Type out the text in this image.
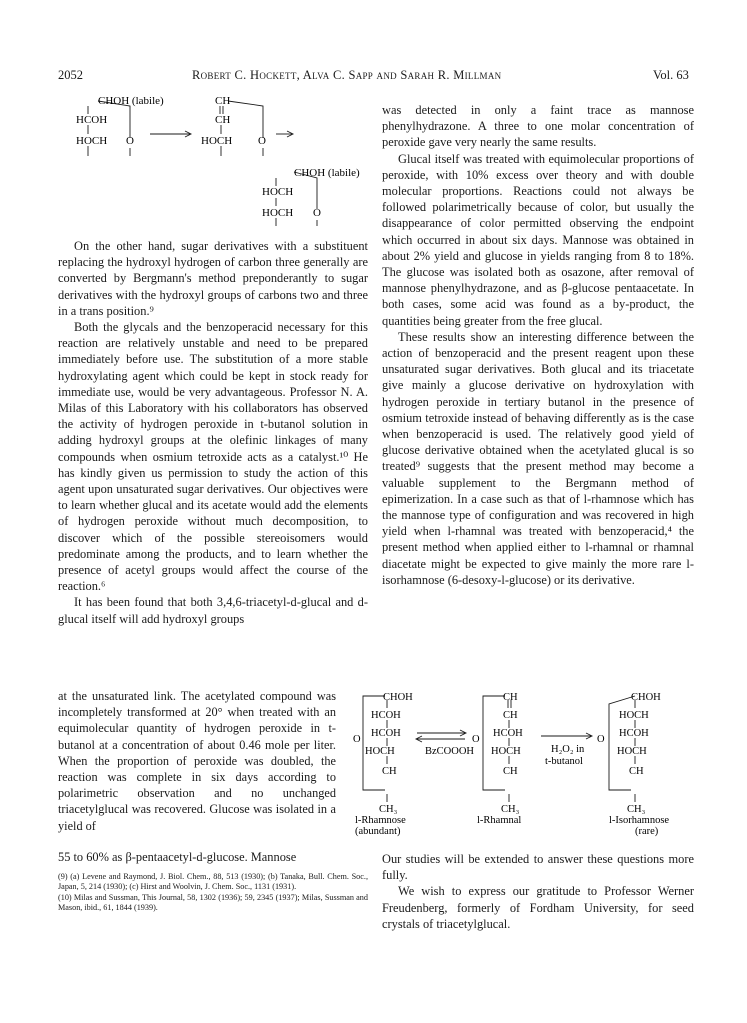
2052	Robert C. Hockett, Alva C. Sapp and Sarah R. Millman	Vol. 63
CHOH (labile)
HCOH
HOCH O
CH
CH
HOCH O
CHOH (labile)
HOCH
HOCH O

On the other hand, sugar derivatives with a substituent replacing the hydroxyl hydrogen of carbon three generally are converted by Bergmann's method preponderantly to sugar derivatives with the hydroxyl groups of carbons two and three in a trans position.⁹

Both the glycals and the benzoperacid necessary for this reaction are relatively unstable and need to be prepared immediately before use. The substitution of a more stable hydroxylating agent which could be kept in stock ready for immediate use, would be very advantageous. Professor N. A. Milas of this Laboratory with his collaborators has observed the activity of hydrogen peroxide in t-butanol solution in adding hydroxyl groups at the olefinic linkages of many compounds when osmium tetroxide acts as a catalyst.¹⁰ He has kindly given us permission to study the action of this agent upon unsaturated sugar derivatives. Our objectives were to learn whether glucal and its acetate would add the elements of hydrogen peroxide without much decomposition, to discover which of the possible stereoisomers would predominate among the products, and to learn whether the presence of acetyl groups would affect the course of the reaction.⁶

It has been found that both 3,4,6-triacetyl-d-glucal and d-glucal itself will add hydroxyl groups

at the unsaturated link. The acetylated compound was incompletely transformed at 20° when treated with an equimolecular quantity of hydrogen peroxide in t-butanol at a concentration of about 0.46 mole per liter. When the proportion of peroxide was doubled, the reaction was complete in six days according to polarimetric observation and no unchanged triacetylglucal was recovered. Glucose was isolated in a yield of

55 to 60% as β-pentaacetyl-d-glucose. Mannose

(9) (a) Levene and Raymond, J. Biol. Chem., 88, 513 (1930); (b) Tanaka, Bull. Chem. Soc., Japan, 5, 214 (1930); (c) Hirst and Woolvin, J. Chem. Soc., 1131 (1931).

(10) Milas and Sussman, This Journal, 58, 1302 (1936); 59, 2345 (1937); Milas, Sussman and Mason, ibid., 61, 1844 (1939).

was detected in only a faint trace as mannose phenylhydrazone. A three to one molar concentration of peroxide gave very nearly the same results.

Glucal itself was treated with equimolecular proportions of peroxide, with 10% excess over theory and with double molecular proportions. Reactions could not always be followed polarimetrically because of color, but usually the disappearance of color permitted observing the endpoint which occurred in about six days. Mannose was obtained in about 2% yield and glucose in yields ranging from 8 to 18%. The glucose was isolated both as osazone, after removal of mannose phenylhydrazone, and as β-glucose pentaacetate. In both cases, some acid was found as a by-product, the quantities being greater from the free glucal.

These results show an interesting difference between the action of benzoperacid and the present reagent upon these unsaturated sugar derivatives. Both glucal and its triacetate give mainly a glucose derivative on hydroxylation with hydrogen peroxide in tertiary butanol in the presence of osmium tetroxide instead of behaving differently as is the case when benzoperacid is used. The relatively good yield of glucose derivative obtained when the acetylated glucal is so treated⁹ suggests that the present method may become a valuable supplement to the Bergmann method of epimerization. In a case such as that of l-rhamnose which has the mannose type of configuration and was recovered in high yield when l-rhamnal was treated with benzoperacid,⁴ the present method when applied either to l-rhamnal or rhamnal diacetate might be expected to give mainly the more rare l-isorhamnose (6-desoxy-l-glucose) or its derivative.

CHOH
HCOH
HCOH
HOCH
CH
CH₃
O
l-Rhamnose
(abundant)
CH
CH
HCOH
HOCH
CH
CH₃
O
l-Rhamnal
CHOH
HOCH
HCOH
HOCH
CH
CH₃
O
l-Isorhamnose
(rare)
BzCOOOH	H₂O₂ in
t-butanol

Our studies will be extended to answer these questions more fully.

We wish to express our gratitude to Professor Werner Freudenberg, formerly of Fordham University, for seed crystals of triacetylglucal.
